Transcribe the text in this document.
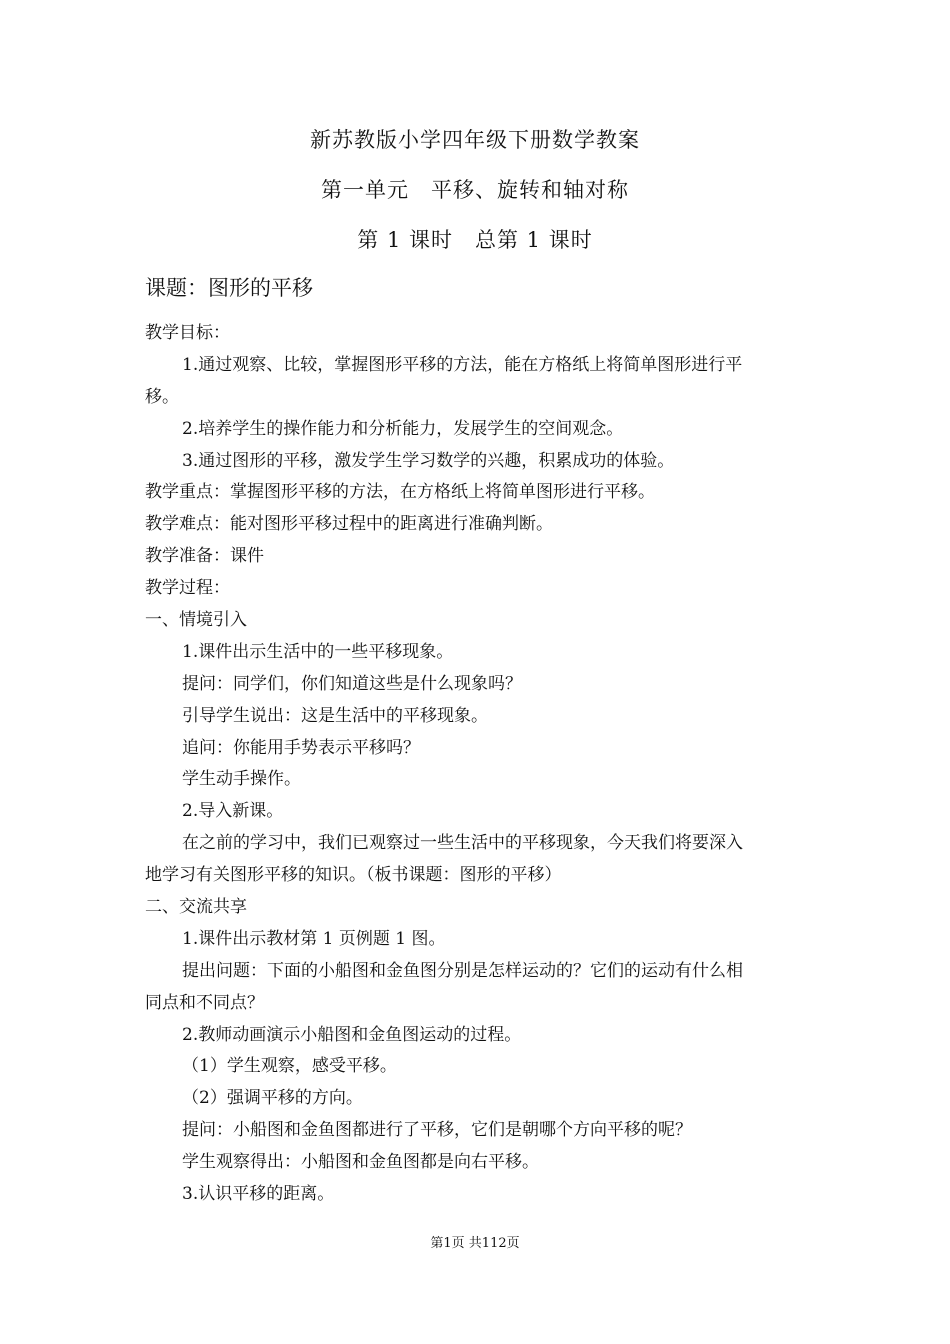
新苏教版小学四年级下册数学教案
第一单元　平移、旋转和轴对称
第 1 课时　总第 1 课时
课题：图形的平移
教学目标：
1.通过观察、比较，掌握图形平移的方法，能在方格纸上将简单图形进行平
移。
2.培养学生的操作能力和分析能力，发展学生的空间观念。
3.通过图形的平移，激发学生学习数学的兴趣，积累成功的体验。
教学重点：掌握图形平移的方法，在方格纸上将简单图形进行平移。
教学难点：能对图形平移过程中的距离进行准确判断。
教学准备：课件
教学过程：
一、情境引入
1.课件出示生活中的一些平移现象。
提问：同学们，你们知道这些是什么现象吗？
引导学生说出：这是生活中的平移现象。
追问：你能用手势表示平移吗？
学生动手操作。
2.导入新课。
在之前的学习中，我们已观察过一些生活中的平移现象，今天我们将要深入
地学习有关图形平移的知识。（板书课题：图形的平移）
二、交流共享
1.课件出示教材第 1 页例题 1 图。
提出问题：下面的小船图和金鱼图分别是怎样运动的？它们的运动有什么相
同点和不同点？
2.教师动画演示小船图和金鱼图运动的过程。
（1）学生观察，感受平移。
（2）强调平移的方向。
提问：小船图和金鱼图都进行了平移，它们是朝哪个方向平移的呢？
学生观察得出：小船图和金鱼图都是向右平移。
3.认识平移的距离。
第1页 共112页
